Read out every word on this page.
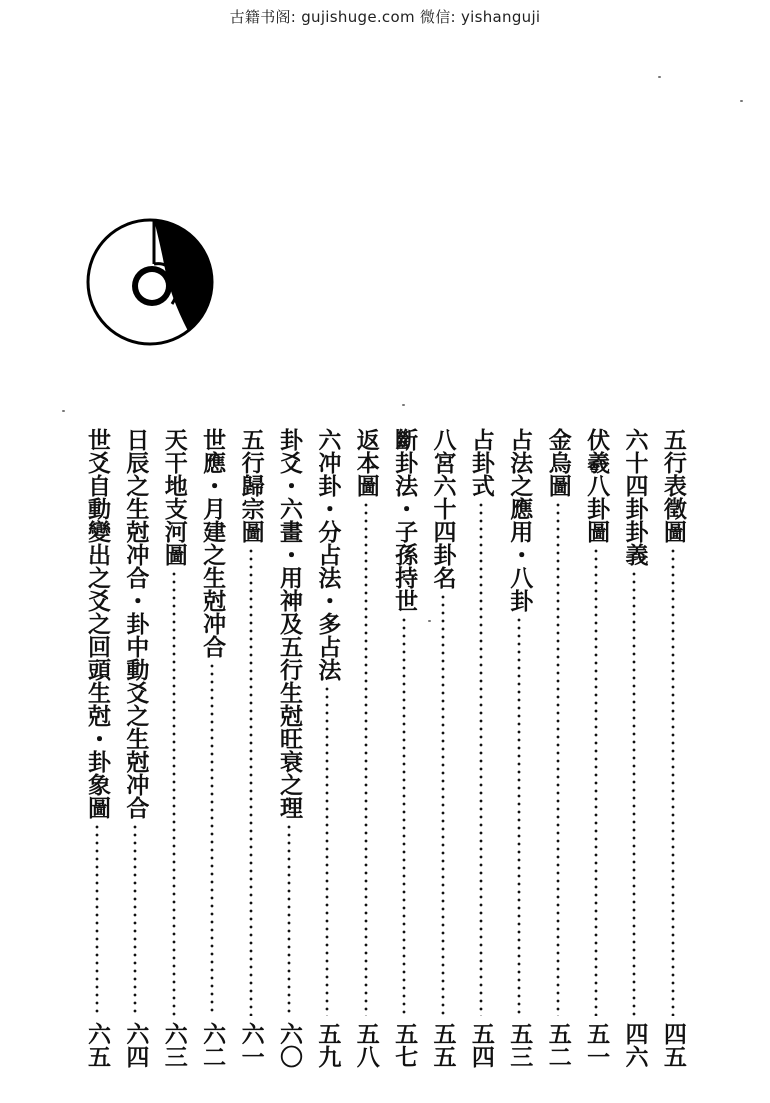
古籍书阁: gujishuge.com 微信: yishanguji
五行表徵圖
四五
六十四卦卦義
四六
伏羲八卦圖
五一
金烏圖
五二
占法之應用・八卦
五三
占卦式
五四
八宮六十四卦名
五五
斷卦法・子孫持世
五七
返本圖
五八
六冲卦・分占法・多占法
五九
卦爻・六畫・用神及五行生尅旺衰之理
六〇
五行歸宗圖
六一
世應・月建之生尅冲合
六二
天干地支河圖
六三
日辰之生尅冲合・卦中動爻之生尅冲合
六四
世爻自動變出之爻之回頭生尅・卦象圖
六五
